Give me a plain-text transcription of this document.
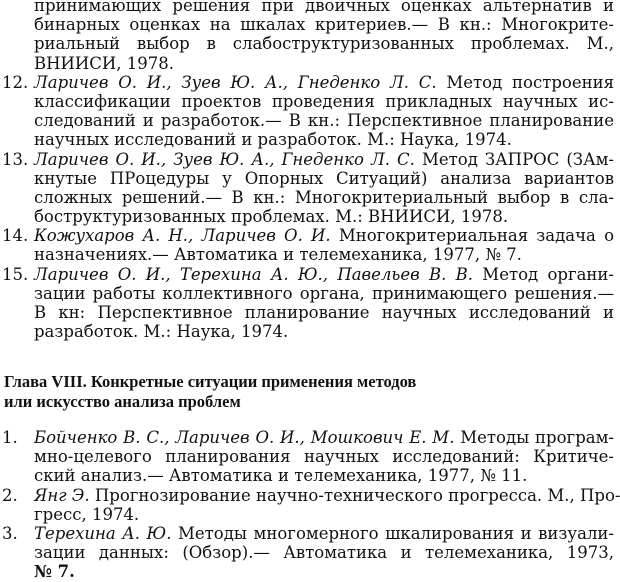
принимающих решения при двоичных оценках альтернатив и
бинарных оценках на шкалах критериев.— В кн.: Многокрите-
риальный выбор в слабоструктуризованных проблемах. М.,
ВНИИСИ, 1978.
12. Ларичев О. И., Зуев Ю. А., Гнеденко Л. С. Метод построения
классификации проектов проведения прикладных научных ис-
следований и разработок.— В кн.: Перспективное планирование
научных исследований и разработок. М.: Наука, 1974.
13. Ларичев О. И., Зуев Ю. А., Гнеденко Л. С. Метод ЗАПРОС (ЗАм-
кнутые ПРоцедуры у Опорных Ситуаций) анализа вариантов
сложных решений.— В кн.: Многокритериальный выбор в сла-
боструктуризованных проблемах. М.: ВНИИСИ, 1978.
14. Кожухаров А. Н., Ларичев О. И. Многокритериальная задача о
назначениях.— Автоматика и телемеханика, 1977, № 7.
15. Ларичев О. И., Терехина А. Ю., Павельев В. В. Метод органи-
зации работы коллективного органа, принимающего решения.—
В кн: Перспективное планирование научных исследований и
разработок. М.: Наука, 1974.
Глава VIII. Конкретные ситуации применения методов
или искусство анализа проблем
1. Бойченко В. С., Ларичев О. И., Мошкович Е. М. Методы програм-
мно-целевого планирования научных исследований: Критиче-
ский анализ.— Автоматика и телемеханика, 1977, № 11.
2. Янг Э. Прогнозирование научно-технического прогресса. М., Про-
гресс, 1974.
3. Терехина А. Ю. Методы многомерного шкалирования и визуали-
зации данных: (Обзор).— Автоматика и телемеханика, 1973,
№ 7.
